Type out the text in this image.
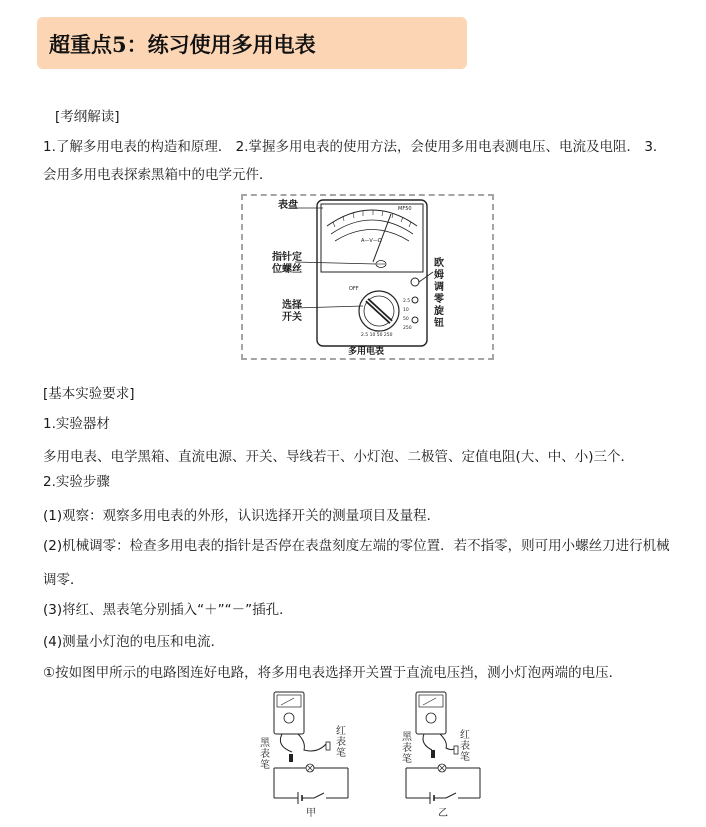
超重点5：练习使用多用电表
[考纲解读]
1.了解多用电表的构造和原理． 2.掌握多用电表的使用方法，会使用多用电表测电压、电流及电阻． 3.
会用多用电表探索黑箱中的电学元件．
A—V—Ω
MF50
OFF
2.5
10
50
250
2.5 10 50 250
表盘
指针定
位螺丝
选择
开关
欧
姆
调
零
旋
钮
多用电表
[基本实验要求]
1.实验器材
多用电表、电学黑箱、直流电源、开关、导线若干、小灯泡、二极管、定值电阻(大、中、小)三个．
2.实验步骤
(1)观察：观察多用电表的外形，认识选择开关的测量项目及量程．
(2)机械调零：检查多用电表的指针是否停在表盘刻度左端的零位置．若不指零，则可用小螺丝刀进行机械
调零．
(3)将红、黑表笔分别插入“＋”“－”插孔．
(4)测量小灯泡的电压和电流．
①按如图甲所示的电路图连好电路，将多用电表选择开关置于直流电压挡，测小灯泡两端的电压．
黑
表
笔
红
表
笔
甲
黑
表
笔
红
表
笔
乙
